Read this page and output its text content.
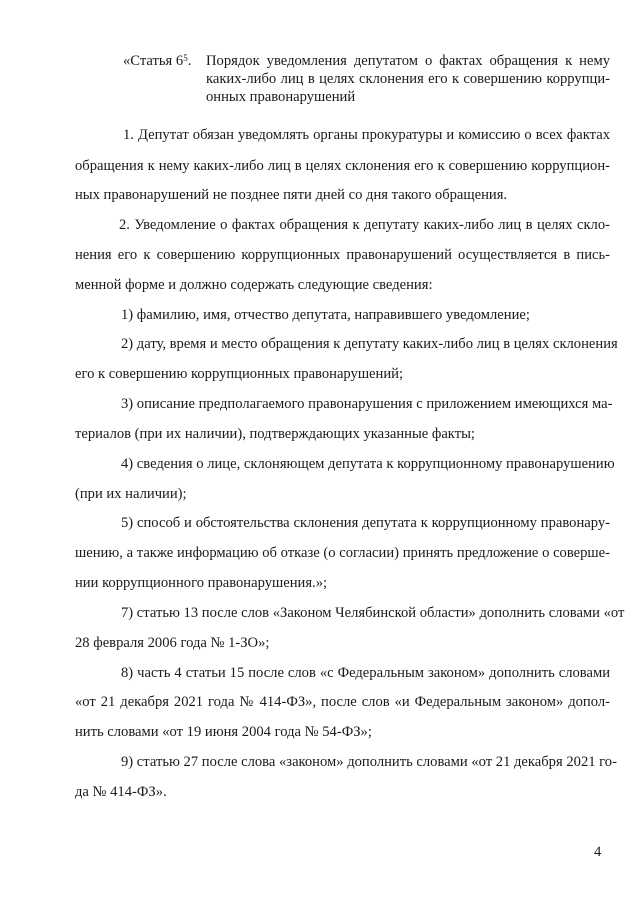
«Статья $6^5$.	Порядок уведомления депутатом о фактах обращения к нему
каких-либо лиц в целях склонения его к совершению коррупци-
онных правонарушений
1. Депутат обязан уведомлять органы прокуратуры и комиссию о всех фактах
обращения к нему каких-либо лиц в целях склонения его к совершению коррупцион-
ных правонарушений не позднее пяти дней со дня такого обращения.
2. Уведомление о фактах обращения к депутату каких-либо лиц в целях скло-
нения его к совершению коррупционных правонарушений осуществляется в пись-
менной форме и должно содержать следующие сведения:
1) фамилию, имя, отчество депутата, направившего уведомление;
2) дату, время и место обращения к депутату каких-либо лиц в целях склонения
его к совершению коррупционных правонарушений;
3) описание предполагаемого правонарушения с приложением имеющихся ма-
териалов (при их наличии), подтверждающих указанные факты;
4) сведения о лице, склоняющем депутата к коррупционному правонарушению
(при их наличии);
5) способ и обстоятельства склонения депутата к коррупционному правонару-
шению, а также информацию об отказе (о согласии) принять предложение о соверше-
нии коррупционного правонарушения.»;
7) статью 13 после слов «Законом Челябинской области» дополнить словами «от
28 февраля 2006 года № 1-ЗО»;
8) часть 4 статьи 15 после слов «с Федеральным законом» дополнить словами
«от 21 декабря 2021 года № 414-ФЗ», после слов «и Федеральным законом» допол-
нить словами «от 19 июня 2004 года № 54-ФЗ»;
9) статью 27 после слова «законом» дополнить словами «от 21 декабря 2021 го-
да № 414-ФЗ».
4
